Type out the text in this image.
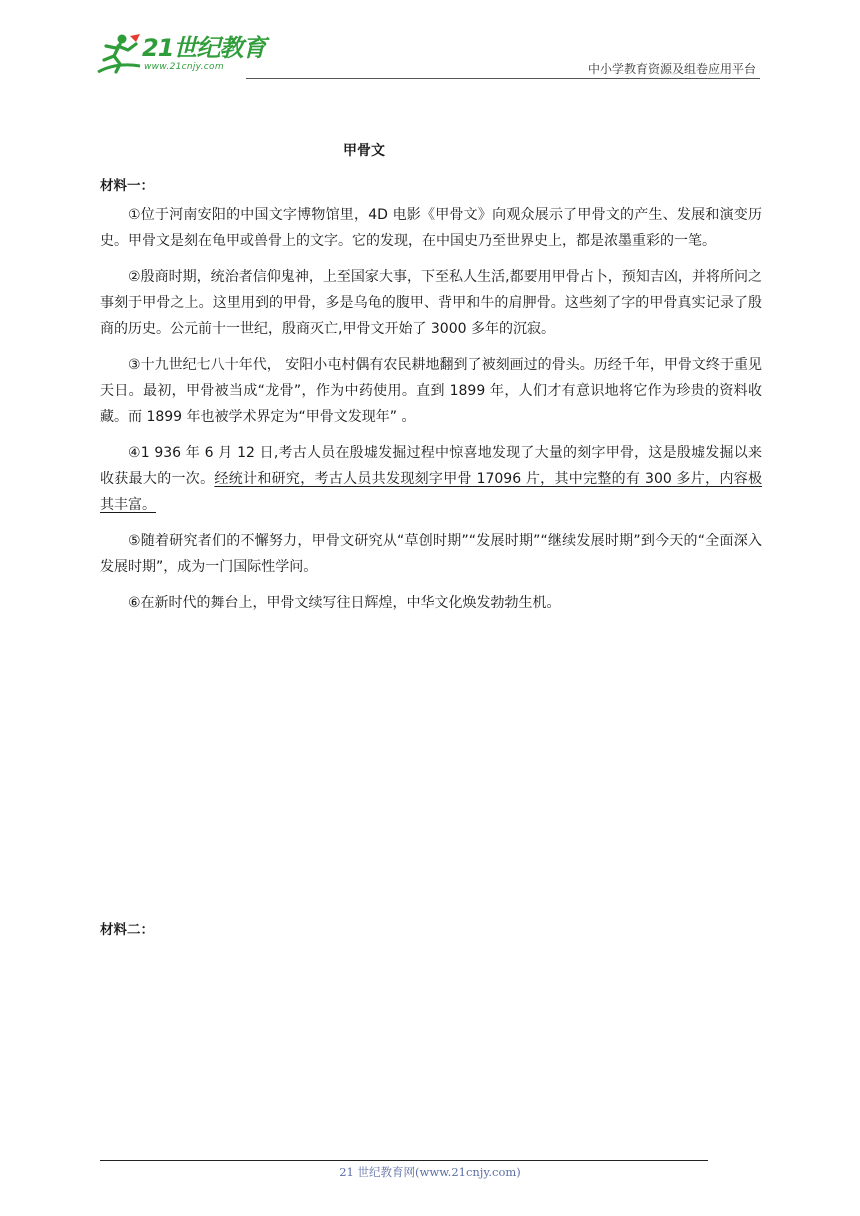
21世纪教育
www.21cnjy.com	中小学教育资源及组卷应用平台
甲骨文
材料一：

①位于河南安阳的中国文字博物馆里，4D 电影《甲骨文》向观众展示了甲骨文的产生、发展和演变历史。甲骨文是刻在龟甲或兽骨上的文字。它的发现，在中国史乃至世界史上，都是浓墨重彩的一笔。

②殷商时期，统治者信仰鬼神，上至国家大事，下至私人生活,都要用甲骨占卜，预知吉凶，并将所问之事刻于甲骨之上。这里用到的甲骨，多是乌龟的腹甲、背甲和牛的肩胛骨。这些刻了字的甲骨真实记录了殷商的历史。公元前十一世纪，殷商灭亡,甲骨文开始了 3000 多年的沉寂。

③十九世纪七八十年代， 安阳小屯村偶有农民耕地翻到了被刻画过的骨头。历经千年，甲骨文终于重见天日。最初，甲骨被当成“龙骨”，作为中药使用。直到 1899 年，人们才有意识地将它作为珍贵的资料收藏。而 1899 年也被学术界定为“甲骨文发现年” 。

④1 936 年 6 月 12 日,考古人员在殷墟发掘过程中惊喜地发现了大量的刻字甲骨，这是殷墟发掘以来收获最大的一次。经统计和研究，考古人员共发现刻字甲骨 17096 片，其中完整的有 300 多片，内容极其丰富。

⑤随着研究者们的不懈努力，甲骨文研究从“草创时期”“发展时期”“继续发展时期”到今天的“全面深入发展时期”，成为一门国际性学问。

⑥在新时代的舞台上，甲骨文续写往日辉煌，中华文化焕发勃勃生机。

材料二：
21 世纪教育网(www.21cnjy.com)
